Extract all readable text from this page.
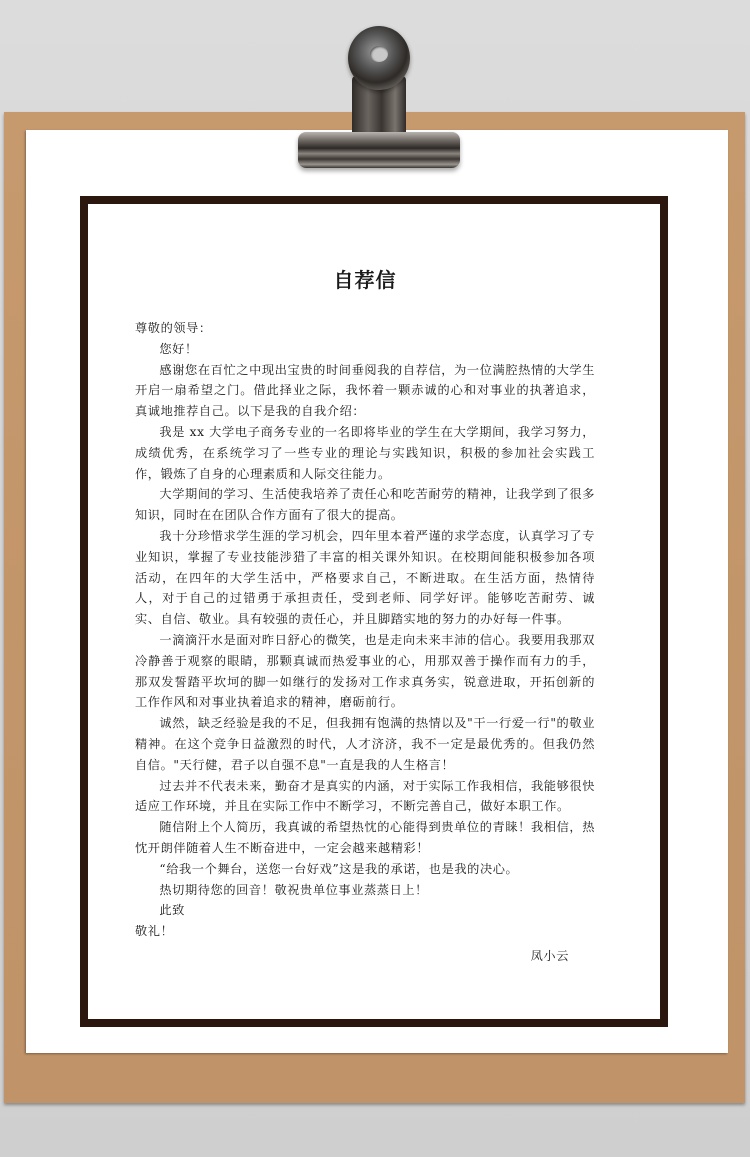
自荐信

尊敬的领导：

您好！

感谢您在百忙之中现出宝贵的时间垂阅我的自荐信，为一位满腔热情的大学生开启一扇希望之门。借此择业之际，我怀着一颗赤诚的心和对事业的执著追求，真诚地推荐自己。以下是我的自我介绍：

我是 xx 大学电子商务专业的一名即将毕业的学生在大学期间，我学习努力，成绩优秀，在系统学习了一些专业的理论与实践知识，积极的参加社会实践工作，锻炼了自身的心理素质和人际交往能力。

大学期间的学习、生活使我培养了责任心和吃苦耐劳的精神，让我学到了很多知识，同时在在团队合作方面有了很大的提高。

我十分珍惜求学生涯的学习机会，四年里本着严谨的求学态度，认真学习了专业知识，掌握了专业技能涉猎了丰富的相关课外知识。在校期间能积极参加各项活动，在四年的大学生活中，严格要求自己，不断进取。在生活方面，热情待人，对于自己的过错勇于承担责任，受到老师、同学好评。能够吃苦耐劳、诚实、自信、敬业。具有较强的责任心，并且脚踏实地的努力的办好每一件事。

一滴滴汗水是面对昨日舒心的微笑，也是走向未来丰沛的信心。我要用我那双冷静善于观察的眼睛，那颗真诚而热爱事业的心，用那双善于操作而有力的手，那双发誓踏平坎坷的脚一如继行的发扬对工作求真务实，锐意进取，开拓创新的工作作风和对事业执着追求的精神，磨砺前行。

诚然，缺乏经验是我的不足，但我拥有饱满的热情以及"干一行爱一行"的敬业精神。在这个竞争日益激烈的时代，人才济济，我不一定是最优秀的。但我仍然自信。"天行健，君子以自强不息"一直是我的人生格言！

过去并不代表未来，勤奋才是真实的内涵，对于实际工作我相信，我能够很快适应工作环境，并且在实际工作中不断学习，不断完善自己，做好本职工作。

随信附上个人简历，我真诚的希望热忱的心能得到贵单位的青睐！我相信，热忱开朗伴随着人生不断奋进中，一定会越来越精彩！

“给我一个舞台，送您一台好戏”这是我的承诺，也是我的决心。

热切期待您的回音！敬祝贵单位事业蒸蒸日上！

此致

敬礼！

凤小云
